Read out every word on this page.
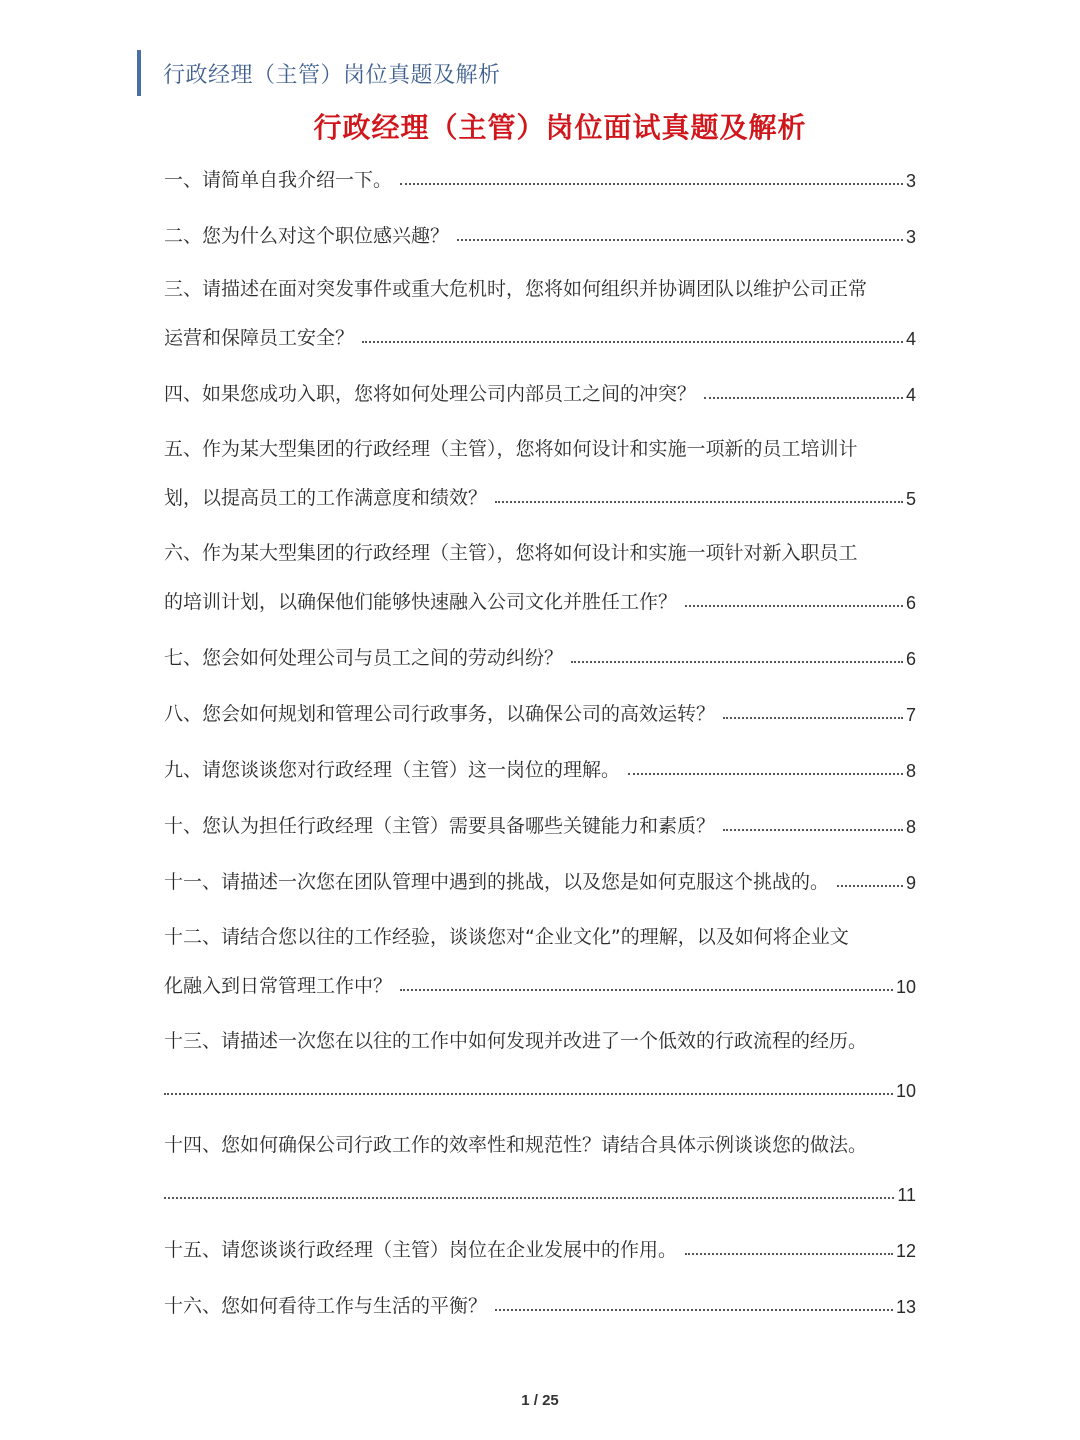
行政经理（主管）岗位真题及解析
行政经理（主管）岗位面试真题及解析
一、请简单自我介绍一下。	3
二、您为什么对这个职位感兴趣？	3
三、请描述在面对突发事件或重大危机时，您将如何组织并协调团队以维护公司正常
运营和保障员工安全？	4
四、如果您成功入职，您将如何处理公司内部员工之间的冲突？	4
五、作为某大型集团的行政经理（主管），您将如何设计和实施一项新的员工培训计
划，以提高员工的工作满意度和绩效？	5
六、作为某大型集团的行政经理（主管），您将如何设计和实施一项针对新入职员工
的培训计划，以确保他们能够快速融入公司文化并胜任工作？	6
七、您会如何处理公司与员工之间的劳动纠纷？	6
八、您会如何规划和管理公司行政事务，以确保公司的高效运转？	7
九、请您谈谈您对行政经理（主管）这一岗位的理解。	8
十、您认为担任行政经理（主管）需要具备哪些关键能力和素质？	8
十一、请描述一次您在团队管理中遇到的挑战，以及您是如何克服这个挑战的。	9
十二、请结合您以往的工作经验，谈谈您对“企业文化”的理解，以及如何将企业文
化融入到日常管理工作中？	10
十三、请描述一次您在以往的工作中如何发现并改进了一个低效的行政流程的经历。
10
十四、您如何确保公司行政工作的效率性和规范性？请结合具体示例谈谈您的做法。
11
十五、请您谈谈行政经理（主管）岗位在企业发展中的作用。	12
十六、您如何看待工作与生活的平衡？	13
1 / 25
